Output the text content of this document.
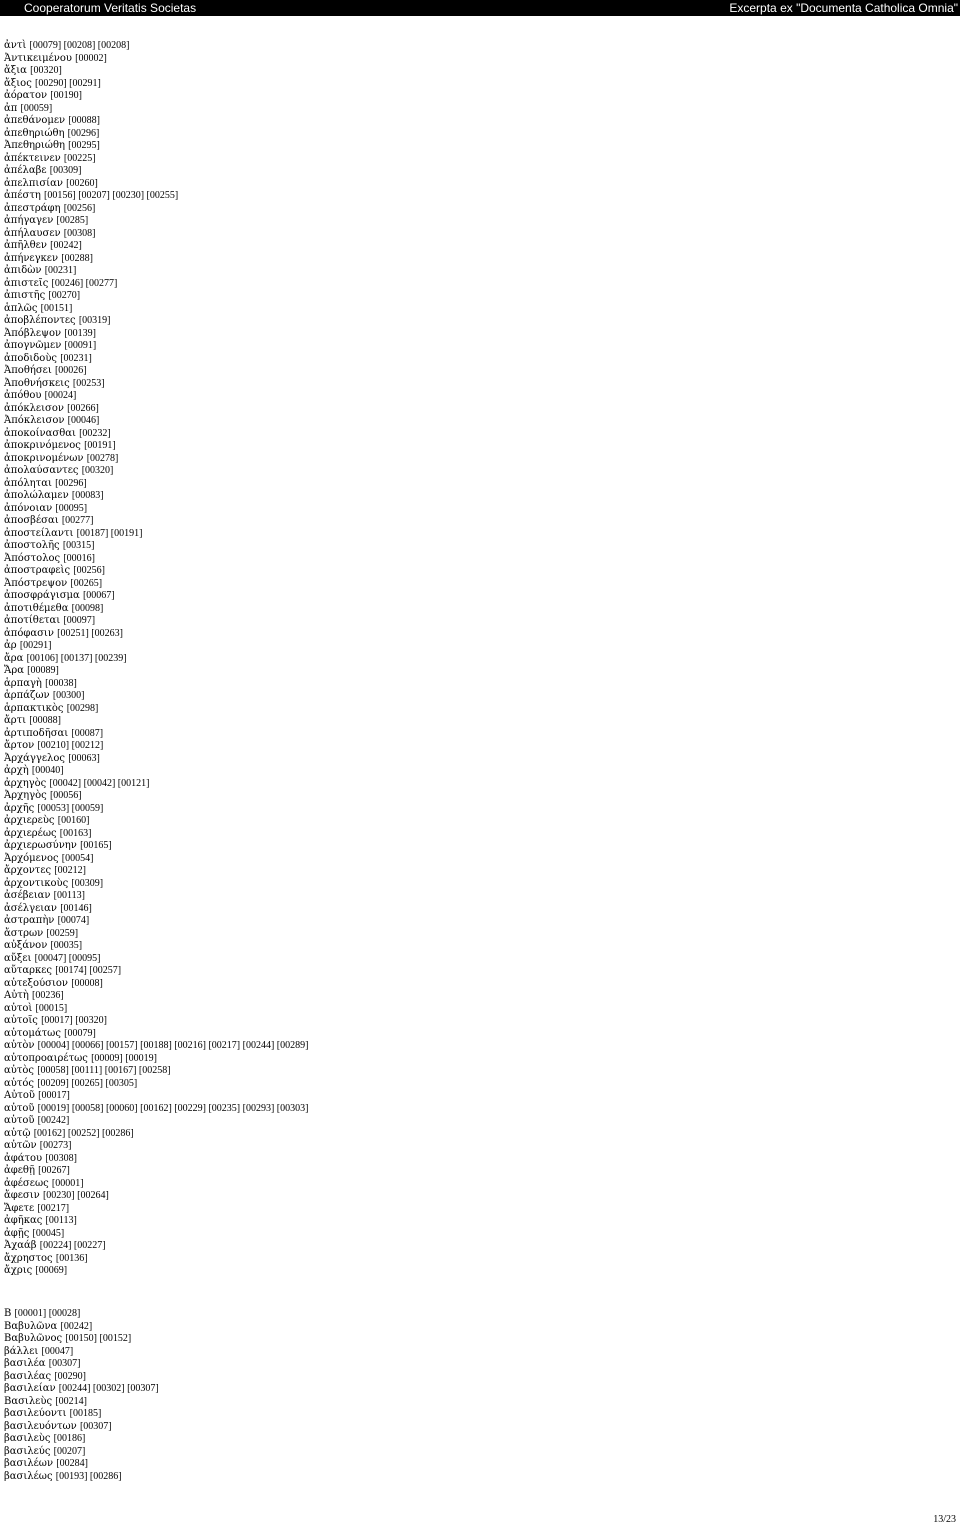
Cooperatorum Veritatis Societas	Excerpta ex "Documenta Catholica Omnia"
ἀντὶ [00079] [00208] [00208]
Ἀντικειμένου [00002]
ἄξια [00320]
ἄξιος [00290] [00291]
ἀόρατον [00190]
ἀπ [00059]
ἀπεθάνομεν [00088]
ἀπεθηριώθη [00296]
Ἀπεθηριώθη [00295]
ἀπέκτεινεν [00225]
ἀπέλαβε [00309]
ἀπελπισίαν [00260]
ἀπέστη [00156] [00207] [00230] [00255]
ἀπεστράφη [00256]
ἀπήγαγεν [00285]
ἀπήλαυσεν [00308]
ἀπῆλθεν [00242]
ἀπήνεγκεν [00288]
ἀπιδὼν [00231]
ἀπιστεῖς [00246] [00277]
ἀπιστῆς [00270]
ἁπλῶς [00151]
ἀποβλέποντες [00319]
Ἀπόβλεψον [00139]
ἀπογνῶμεν [00091]
ἀποδιδοὺς [00231]
Ἀποθήσει [00026]
Ἀποθνήσκεις [00253]
ἀπόθου [00024]
ἀπόκλεισον [00266]
Ἀπόκλεισον [00046]
ἀποκοίνασθαι [00232]
ἀποκρινόμενος [00191]
ἀποκρινομένων [00278]
ἀπολαύσαντες [00320]
ἀπόληται [00296]
ἀπολώλαμεν [00083]
ἀπόνοιαν [00095]
ἀποσβέσαι [00277]
ἀποστείλαντι [00187] [00191]
ἀποστολῆς [00315]
Ἀπόστολος [00016]
ἀποστραφεὶς [00256]
Ἀπόστρεψον [00265]
ἀποσφράγισμα [00067]
ἀποτιθέμεθα [00098]
ἀποτίθεται [00097]
ἀπόφασιν [00251] [00263]
ἀρ [00291]
ἄρα [00106] [00137] [00239]
Ἄρα [00089]
ἁρπαγὴ [00038]
ἁρπάζων [00300]
ἁρπακτικὸς [00298]
ἄρτι [00088]
ἀρτιποδῆσαι [00087]
ἄρτον [00210] [00212]
Ἀρχάγγελος [00063]
ἀρχὴ [00040]
ἀρχηγὸς [00042] [00042] [00121]
Ἀρχηγὸς [00056]
ἀρχῆς [00053] [00059]
ἀρχιερεὺς [00160]
ἀρχιερέως [00163]
ἀρχιερωσύνην [00165]
Ἀρχόμενος [00054]
ἄρχοντες [00212]
ἀρχοντικοὺς [00309]
ἀσέβειαν [00113]
ἀσέλγειαν [00146]
ἀστραπὴν [00074]
ἄστρων [00259]
αὐξάνον [00035]
αὔξει [00047] [00095]
αὔταρκες [00174] [00257]
αὐτεξούσιον [00008]
Αὐτὴ [00236]
αὐτοὶ [00015]
αὐτοῖς [00017] [00320]
αὐτομάτως [00079]
αὐτὸν [00004] [00066] [00157] [00188] [00216] [00217] [00244] [00289]
αὐτοπροαιρέτως [00009] [00019]
αὐτὸς [00058] [00111] [00167] [00258]
αὐτός [00209] [00265] [00305]
Αὐτοῦ [00017]
αὐτοῦ [00019] [00058] [00060] [00162] [00229] [00235] [00293] [00303]
αὑτοῦ [00242]
αὐτῷ [00162] [00252] [00286]
αὐτῶν [00273]
ἀφάτου [00308]
ἀφεθῇ [00267]
ἀφέσεως [00001]
ἄφεσιν [00230] [00264]
Ἄφετε [00217]
ἀφῆκας [00113]
ἀφῇς [00045]
Ἀχαάβ [00224] [00227]
ἄχρηστος [00136]
ἄχρις [00069]
B [00001] [00028]
Βαβυλῶνα [00242]
Βαβυλῶνος [00150] [00152]
βάλλει [00047]
βασιλέα [00307]
βασιλέας [00290]
βασιλείαν [00244] [00302] [00307]
Βασιλεὺς [00214]
βασιλεύοντι [00185]
βασιλευόντων [00307]
βασιλεὺς [00186]
βασιλεύς [00207]
βασιλέων [00284]
βασιλέως [00193] [00286]
13/23
